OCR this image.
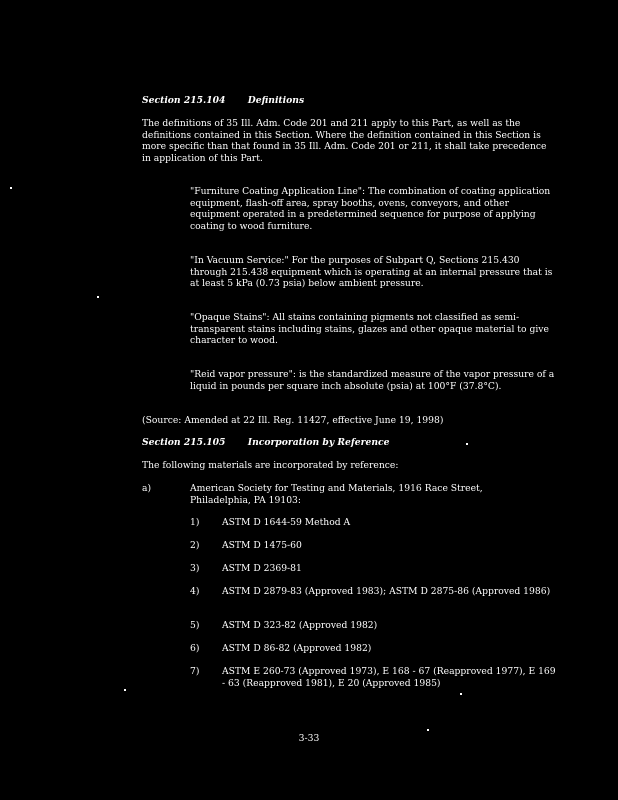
Section 215.104 Definitions
The definitions of 35 Ill. Adm. Code 201 and 211 apply to this Part, as well as the definitions contained in this Section. Where the definition contained in this Section is more specific than that found in 35 Ill. Adm. Code 201 or 211, it shall take precedence in application of this Part.
"Furniture Coating Application Line": The combination of coating application equipment, flash-off area, spray booths, ovens, conveyors, and other equipment operated in a predetermined sequence for purpose of applying coating to wood furniture.
"In Vacuum Service:" For the purposes of Subpart Q, Sections 215.430 through 215.438 equipment which is operating at an internal pressure that is at least 5 kPa (0.73 psia) below ambient pressure.
"Opaque Stains": All stains containing pigments not classified as semi-transparent stains including stains, glazes and other opaque material to give character to wood.
"Reid vapor pressure": is the standardized measure of the vapor pressure of a liquid in pounds per square inch absolute (psia) at 100°F (37.8°C).
(Source: Amended at 22 Ill. Reg. 11427, effective June 19, 1998)
Section 215.105 Incorporation by Reference
The following materials are incorporated by reference:
a)	American Society for Testing and Materials, 1916 Race Street, Philadelphia, PA 19103:
1) ASTM D 1644-59 Method A
2) ASTM D 1475-60
3) ASTM D 2369-81
4) ASTM D 2879-83 (Approved 1983); ASTM D 2875-86 (Approved 1986)
5) ASTM D 323-82 (Approved 1982)
6) ASTM D 86-82 (Approved 1982)
7) ASTM E 260-73 (Approved 1973), E 168 - 67 (Reapproved 1977), E 169 - 63 (Reapproved 1981), E 20 (Approved 1985)
3-33
